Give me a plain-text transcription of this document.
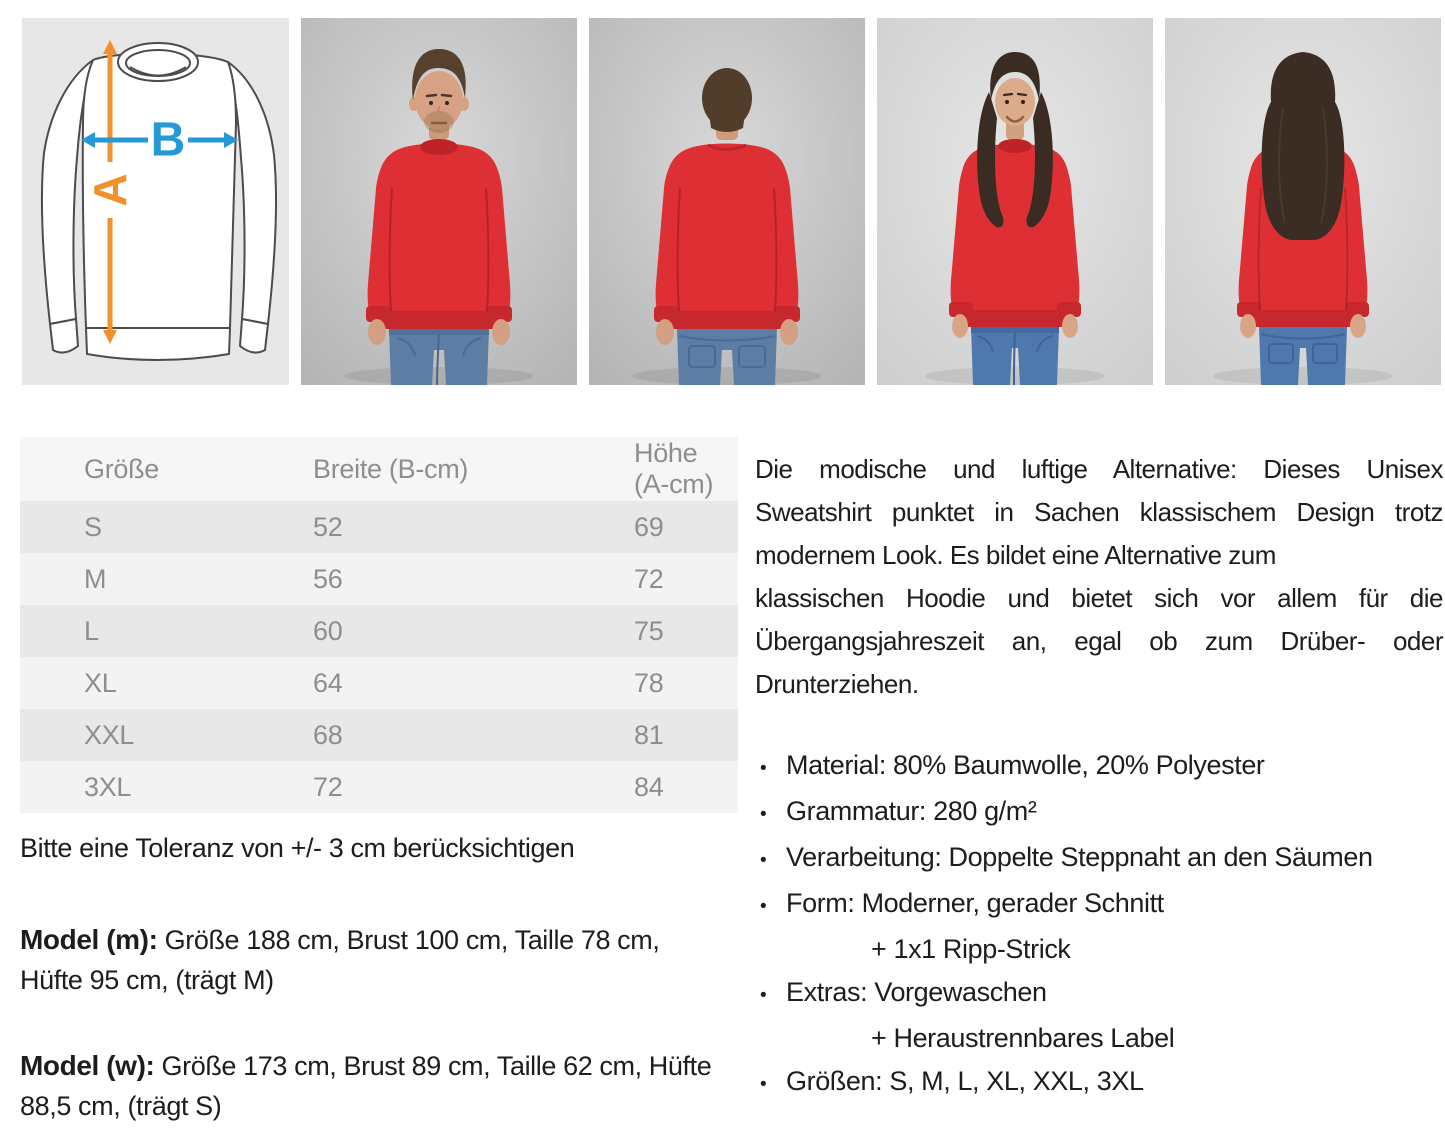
A
B
Größe	Breite (B-cm)	Höhe (A-cm)
S	52	69
M	56	72
L	60	75
XL	64	78
XXL	68	81
3XL	72	84

Bitte eine Toleranz von +/- 3 cm berücksichtigen

Model (m): Größe 188 cm, Brust 100 cm, Taille 78 cm, Hüfte 95 cm, (trägt M)

Model (w): Größe 173 cm, Brust 89 cm, Taille 62 cm, Hüfte 88,5 cm, (trägt S)

Die modische und luftige Alternative: Dieses Unisex
Sweatshirt punktet in Sachen klassischem Design trotz
modernem Look. Es bildet eine Alternative zum
klassischen Hoodie und bietet sich vor allem für die
Übergangsjahreszeit an, egal ob zum Drüber- oder
Drunterziehen.
• Material: 80% Baumwolle, 20% Polyester
• Grammatur: 280 g/m²
• Verarbeitung: Doppelte Steppnaht an den Säumen
• Form: Moderner, gerader Schnitt
+ 1x1 Ripp-Strick
• Extras: Vorgewaschen
+ Heraustrennbares Label
• Größen: S, M, L, XL, XXL, 3XL
